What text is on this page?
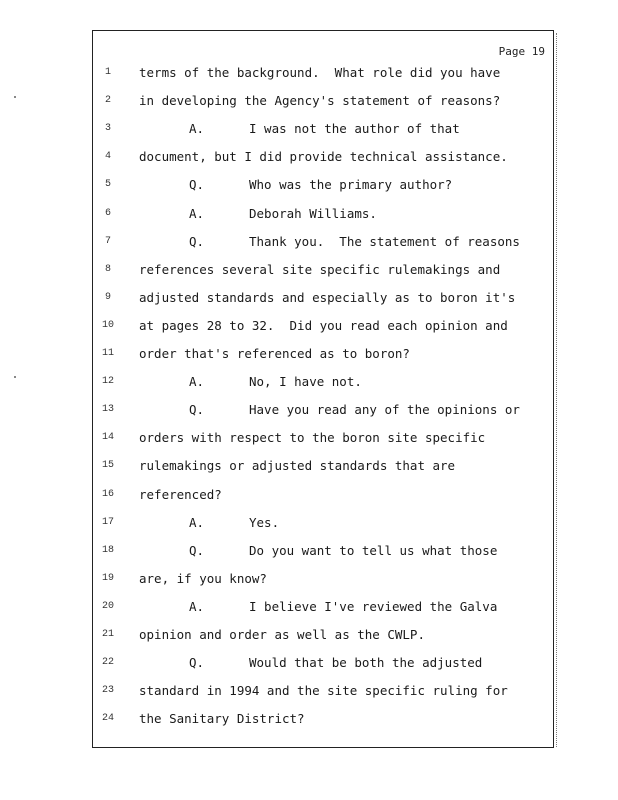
Page 19
1	terms of the background.  What role did you have
2	in developing the Agency's statement of reasons?
3	A.	I was not the author of that
4	document, but I did provide technical assistance.
5	Q.	Who was the primary author?
6	A.	Deborah Williams.
7	Q.	Thank you.  The statement of reasons
8	references several site specific rulemakings and
9	adjusted standards and especially as to boron it's
10 at pages 28 to 32.  Did you read each opinion and
11 order that's referenced as to boron?
12	A.	No, I have not.
13	Q.	Have you read any of the opinions or
14 orders with respect to the boron site specific
15 rulemakings or adjusted standards that are
16 referenced?
17	A.	Yes.
18	Q.	Do you want to tell us what those
19 are, if you know?
20	A.	I believe I've reviewed the Galva
21 opinion and order as well as the CWLP.
22	Q.	Would that be both the adjusted
23 standard in 1994 and the site specific ruling for
24 the Sanitary District?
